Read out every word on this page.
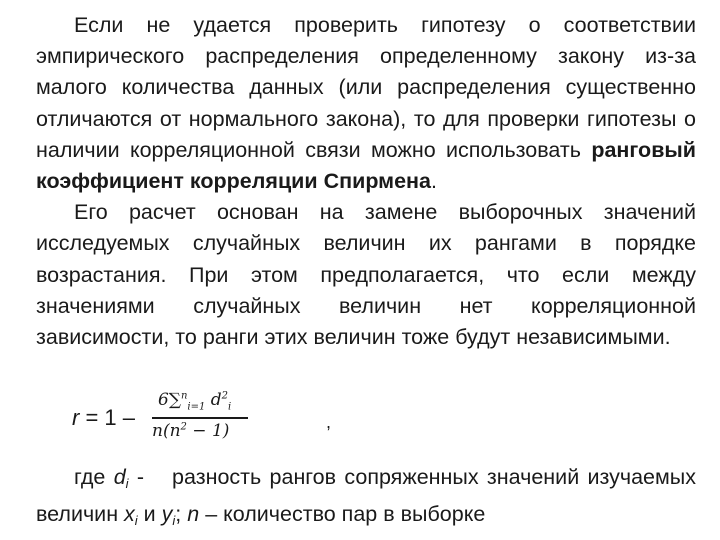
Если не удается проверить гипотезу о соответствии эмпирического распределения определенному закону из-за малого количества данных (или распределения существенно отличаются от нормального закона), то для проверки гипотезы о наличии корреляционной связи можно использовать ранговый коэффициент корреляции Спирмена.

Его расчет основан на замене выборочных значений исследуемых случайных величин их рангами в порядке возрастания. При этом предполагается, что если между значениями случайных величин нет корреляционной зависимости, то ранги этих величин тоже будут независимыми.

r = 1 –
6∑$^n_{i=1}$ $d^2_i$
$n(n^2 - 1)$	,

где $d_i$ - разность рангов сопряженных значений изучаемых величин $x_i$ и $y_i$; n – количество пар в выборке
